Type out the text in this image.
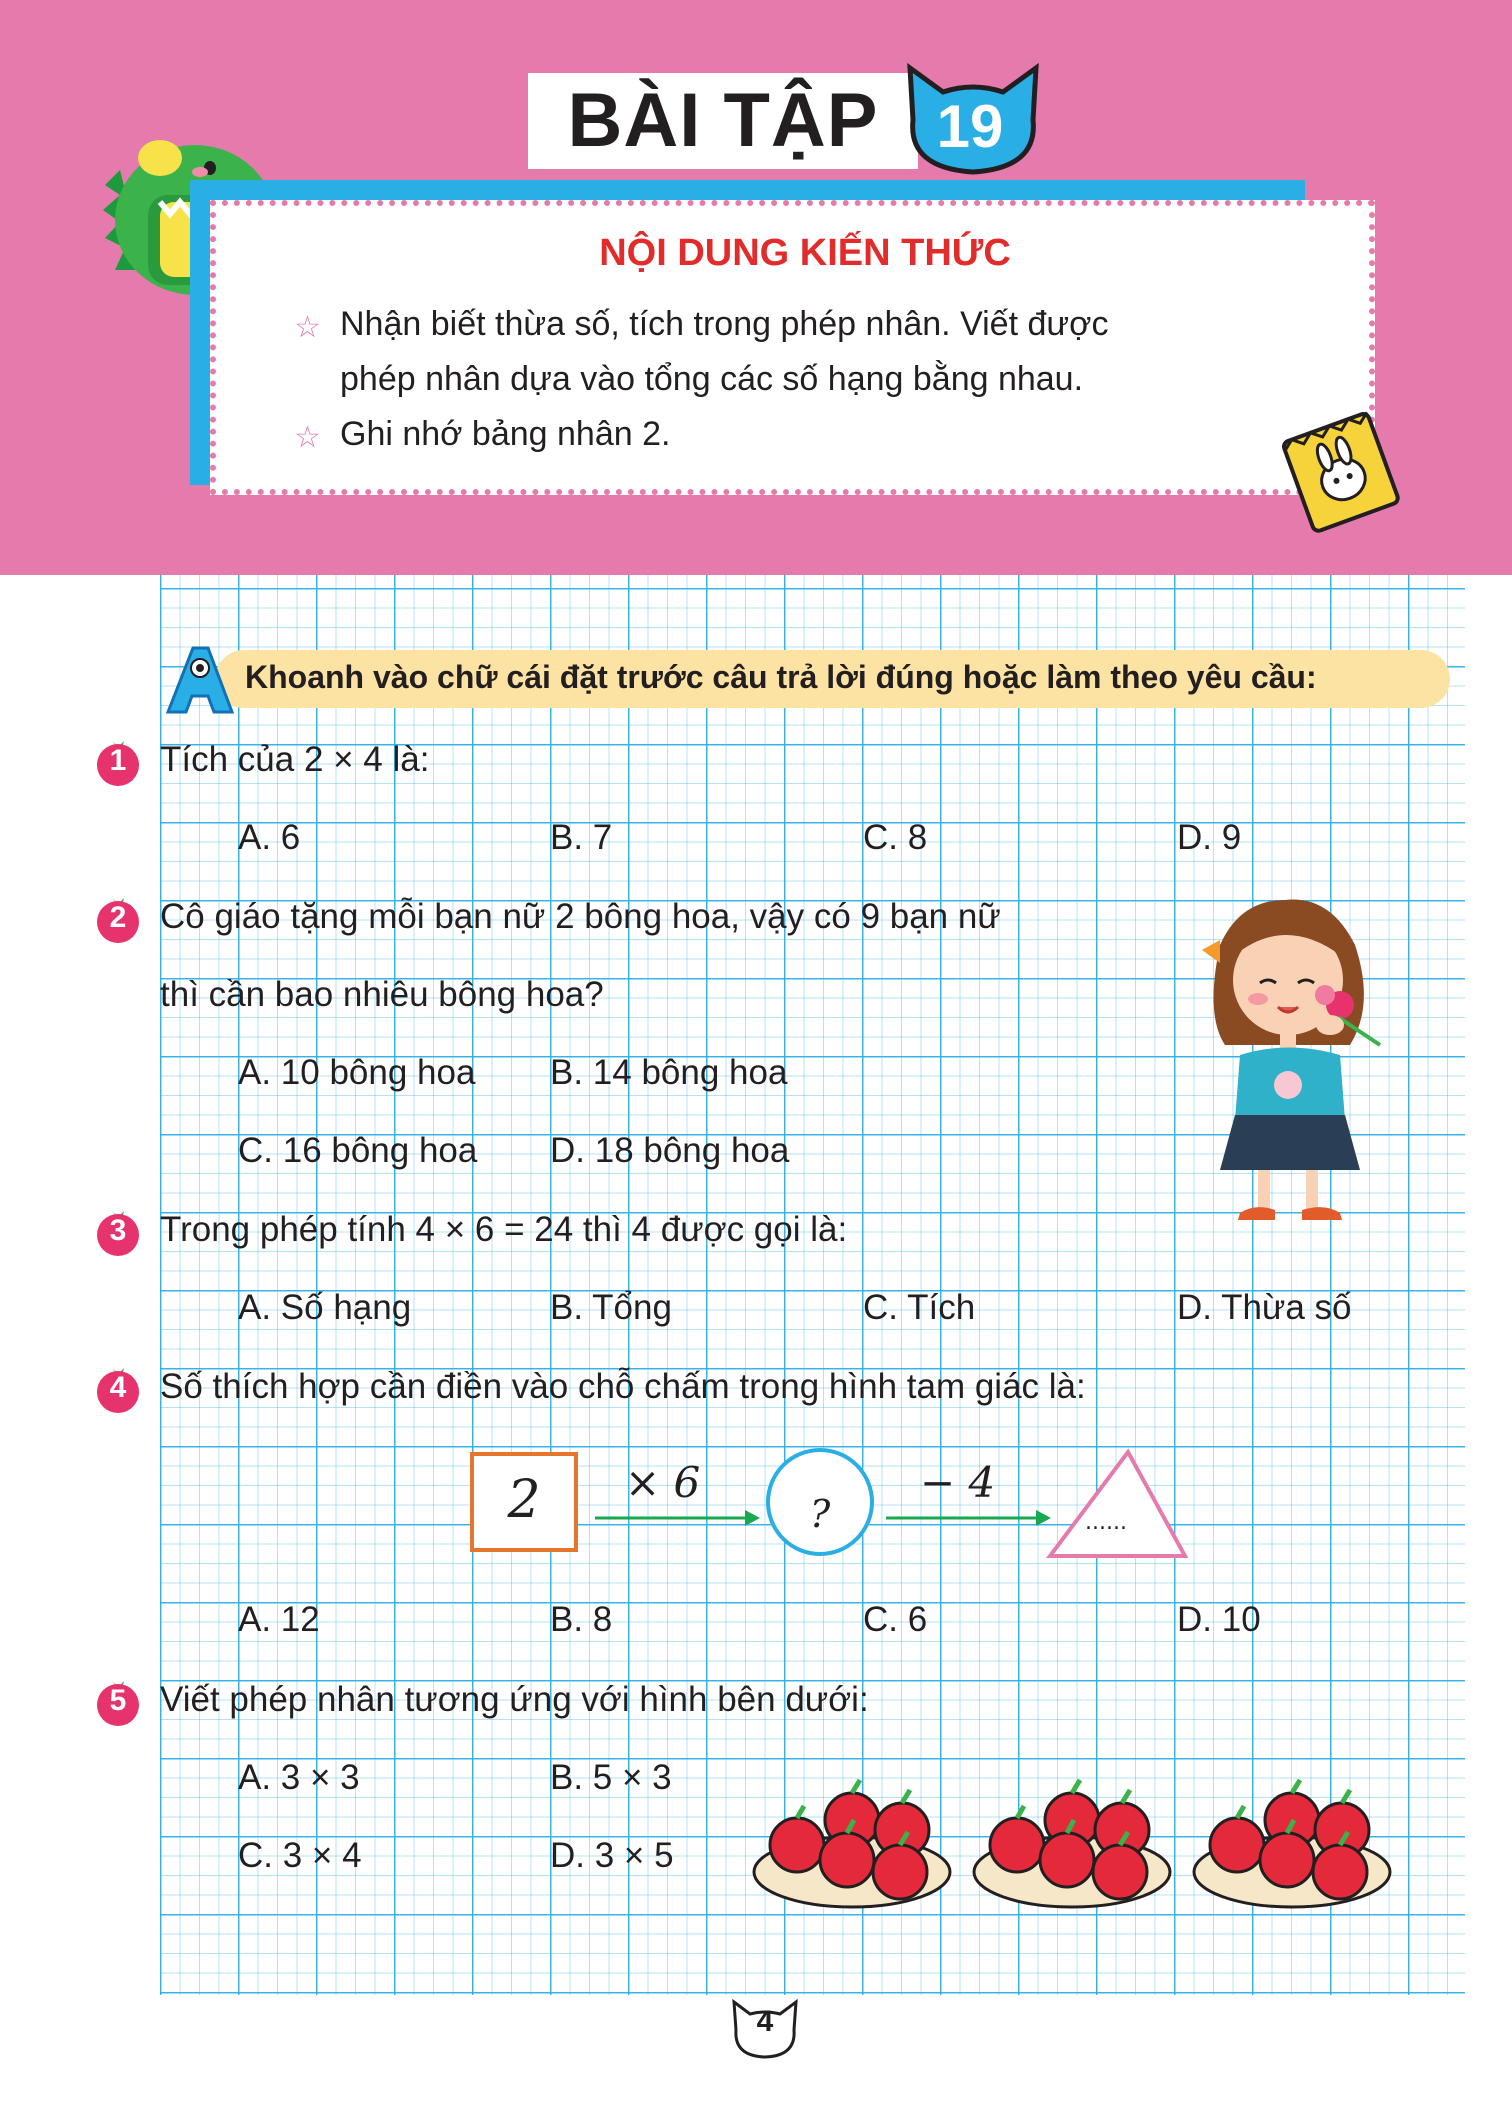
BÀI TẬP 19
NỘI DUNG KIẾN THỨC
☆ Nhận biết thừa số, tích trong phép nhân. Viết được
phép nhân dựa vào tổng các số hạng bằng nhau.
☆ Ghi nhớ bảng nhân 2.
Khoanh vào chữ cái đặt trước câu trả lời đúng hoặc làm theo yêu cầu:
1 Tích của 2 × 4 là:
A. 6	B. 7	C. 8	D. 9
2 Cô giáo tặng mỗi bạn nữ 2 bông hoa, vậy có 9 bạn nữ
thì cần bao nhiêu bông hoa?
A. 10 bông hoa B. 14 bông hoa
C. 16 bông hoa D. 18 bông hoa
3 Trong phép tính 4 × 6 = 24 thì 4 được gọi là:
A. Số hạng	B. Tổng	C. Tích	D. Thừa số
4 Số thích hợp cần điền vào chỗ chấm trong hình tam giác là:
2	× 6
?
− 4
......
A. 12	B. 8	C. 6	D. 10
5 Viết phép nhân tương ứng với hình bên dưới:
A. 3 × 3	B. 5 × 3
C. 3 × 4	D. 3 × 5
4
